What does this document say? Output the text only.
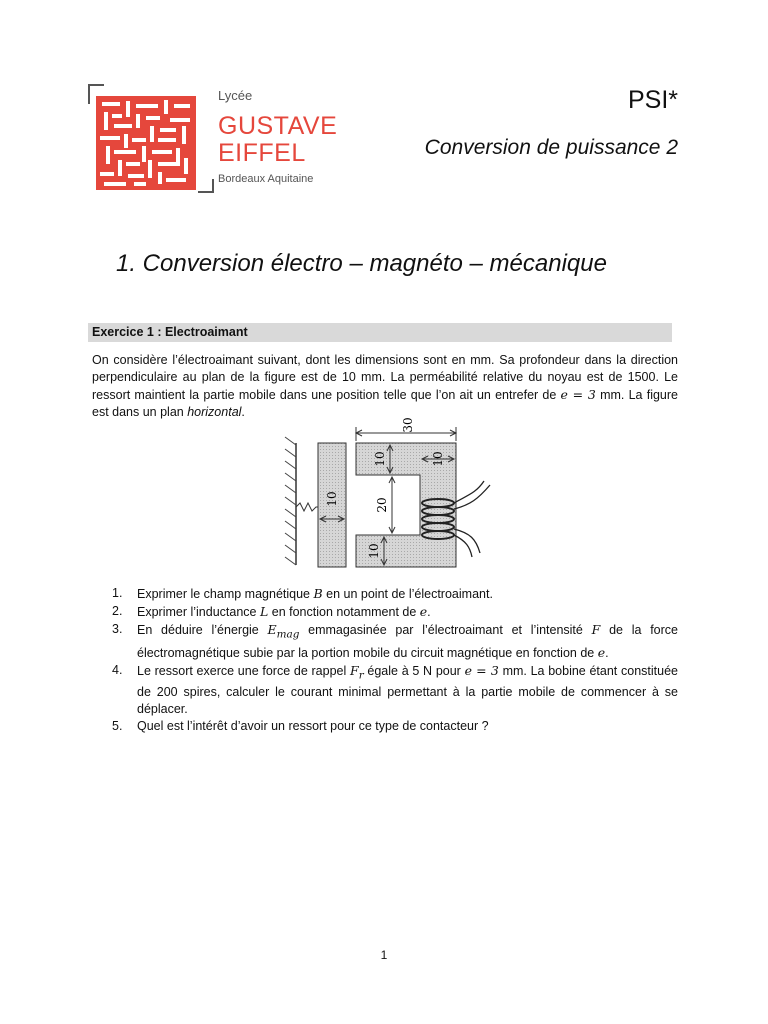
Lycée
GUSTAVE
EIFFEL
Bordeaux Aquitaine
PSI*
Conversion de puissance 2
1. Conversion électro – magnéto – mécanique
Exercice 1 : Electroaimant
On considère l’électroaimant suivant, dont les dimensions sont en mm. Sa profondeur dans la direction perpendiculaire au plan de la figure est de 10 mm. La perméabilité relative du noyau est de 1500. Le ressort maintient la partie mobile dans une position telle que l’on ait un entrefer de e = 3 mm. La figure est dans un plan horizontal.
30
10	10
20
10
10
1. Exprimer le champ magnétique B en un point de l’électroaimant.
2. Exprimer l’inductance L en fonction notamment de e.
3. En déduire l’énergie $E_{mag}$ emmagasinée par l’électroaimant et l’intensité F de la force électromagnétique subie par la portion mobile du circuit magnétique en fonction de e.
4. Le ressort exerce une force de rappel $F_r$ égale à 5 N pour e = 3 mm. La bobine étant constituée de 200 spires, calculer le courant minimal permettant à la partie mobile de commencer à se déplacer.
5. Quel est l’intérêt d’avoir un ressort pour ce type de contacteur ?
1
